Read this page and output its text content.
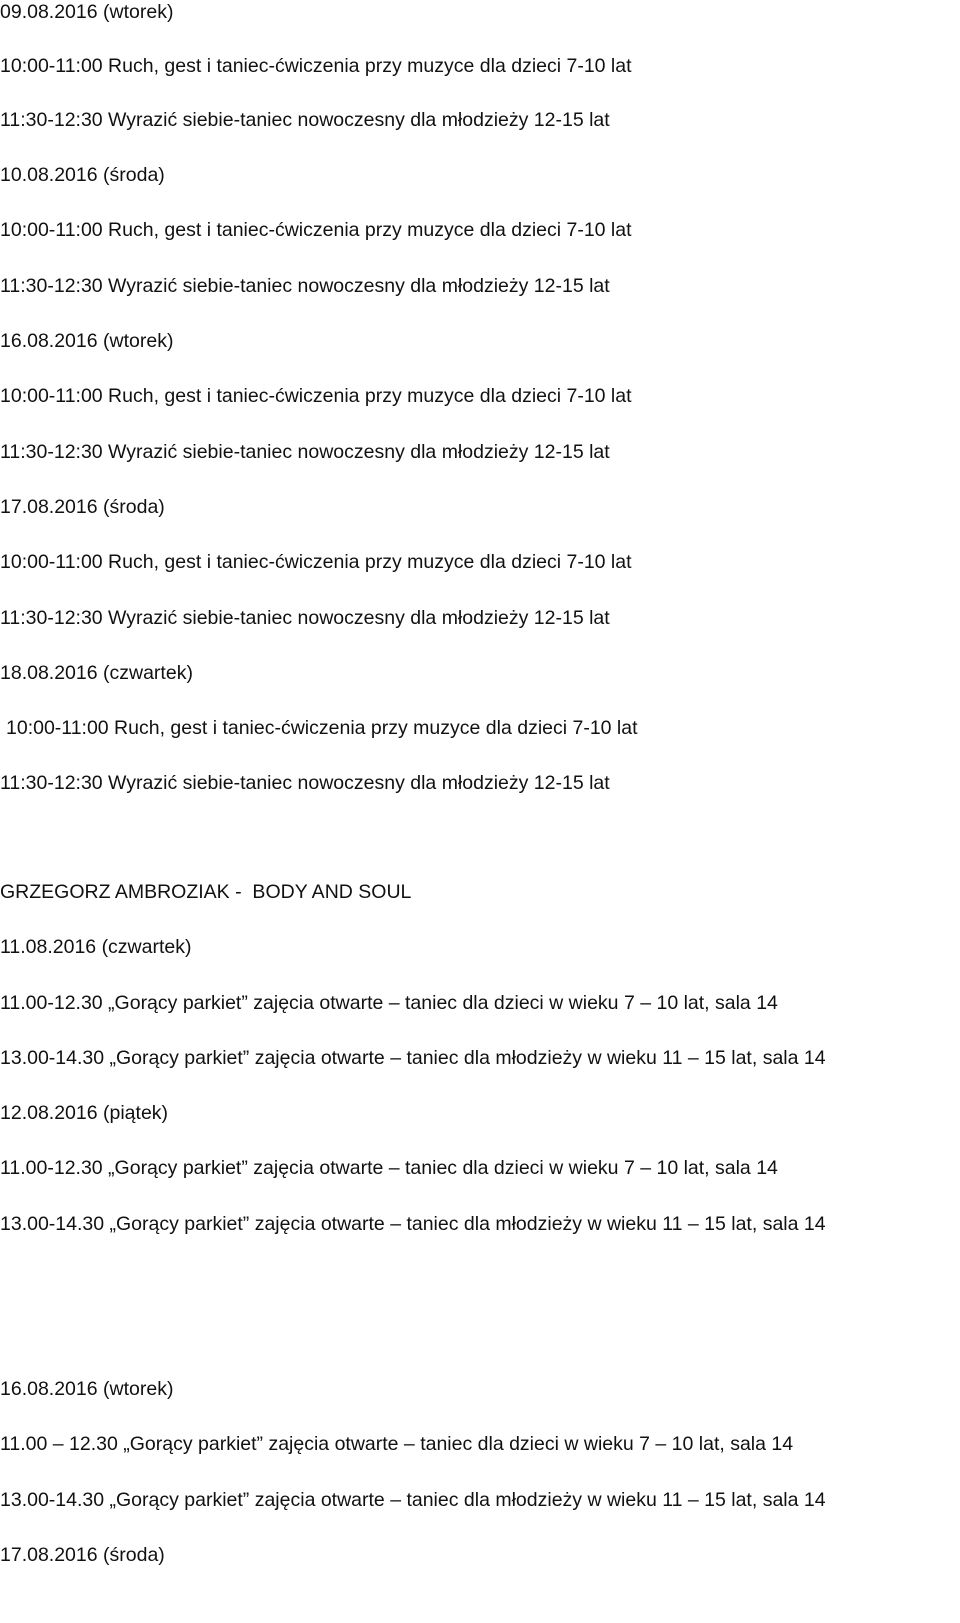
09.08.2016 (wtorek)
10:00-11:00 Ruch, gest i taniec-ćwiczenia przy muzyce dla dzieci 7-10 lat
11:30-12:30 Wyrazić siebie-taniec nowoczesny dla młodzieży 12-15 lat
10.08.2016 (środa)
10:00-11:00 Ruch, gest i taniec-ćwiczenia przy muzyce dla dzieci 7-10 lat
11:30-12:30 Wyrazić siebie-taniec nowoczesny dla młodzieży 12-15 lat
16.08.2016 (wtorek)
10:00-11:00 Ruch, gest i taniec-ćwiczenia przy muzyce dla dzieci 7-10 lat
11:30-12:30 Wyrazić siebie-taniec nowoczesny dla młodzieży 12-15 lat
17.08.2016 (środa)
10:00-11:00 Ruch, gest i taniec-ćwiczenia przy muzyce dla dzieci 7-10 lat
11:30-12:30 Wyrazić siebie-taniec nowoczesny dla młodzieży 12-15 lat
18.08.2016 (czwartek)
10:00-11:00 Ruch, gest i taniec-ćwiczenia przy muzyce dla dzieci 7-10 lat
11:30-12:30 Wyrazić siebie-taniec nowoczesny dla młodzieży 12-15 lat
GRZEGORZ AMBROZIAK -  BODY AND SOUL
11.08.2016 (czwartek)
11.00-12.30 „Gorący parkiet” zajęcia otwarte – taniec dla dzieci w wieku 7 – 10 lat, sala 14
13.00-14.30 „Gorący parkiet” zajęcia otwarte – taniec dla młodzieży w wieku 11 – 15 lat, sala 14
12.08.2016 (piątek)
11.00-12.30 „Gorący parkiet” zajęcia otwarte – taniec dla dzieci w wieku 7 – 10 lat, sala 14
13.00-14.30 „Gorący parkiet” zajęcia otwarte – taniec dla młodzieży w wieku 11 – 15 lat, sala 14
16.08.2016 (wtorek)
11.00 – 12.30 „Gorący parkiet” zajęcia otwarte – taniec dla dzieci w wieku 7 – 10 lat, sala 14
13.00-14.30 „Gorący parkiet” zajęcia otwarte – taniec dla młodzieży w wieku 11 – 15 lat, sala 14
17.08.2016 (środa)
